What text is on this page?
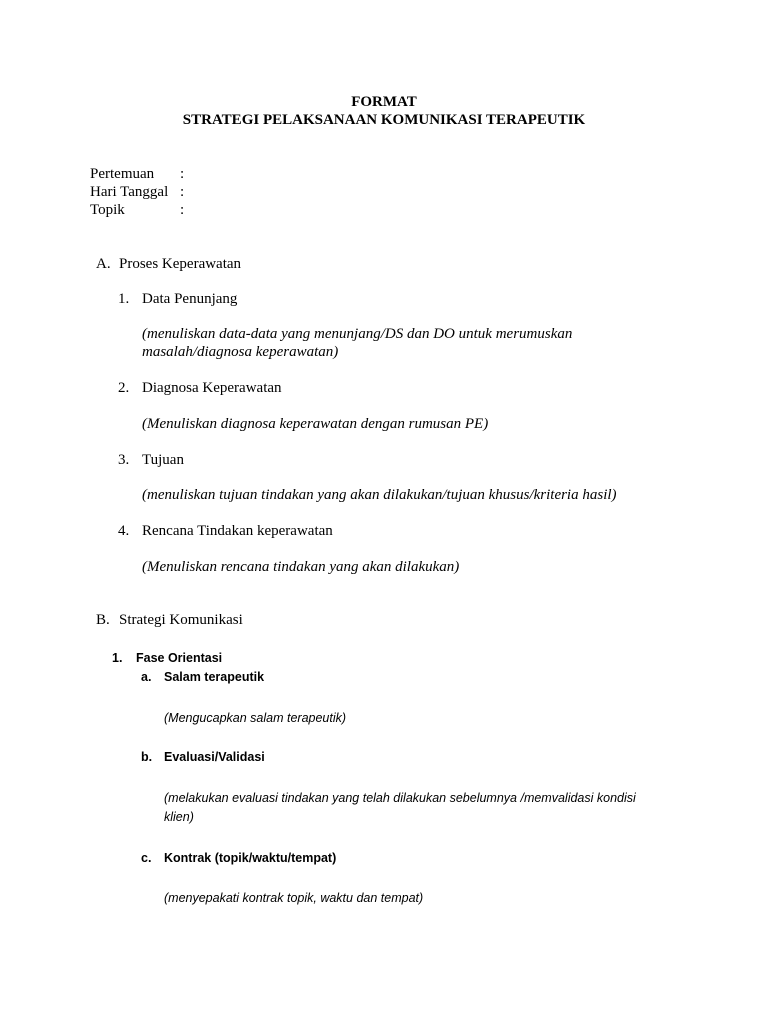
FORMAT
STRATEGI PELAKSANAAN KOMUNIKASI TERAPEUTIK
Pertemuan :
Hari Tanggal :
Topik	:
A. Proses Keperawatan
1. Data Penunjang
(menuliskan data-data yang menunjang/DS dan DO untuk merumuskan
masalah/diagnosa keperawatan)
2. Diagnosa Keperawatan
(Menuliskan diagnosa keperawatan dengan rumusan PE)
3. Tujuan
(menuliskan tujuan tindakan yang akan dilakukan/tujuan khusus/kriteria hasil)
4. Rencana Tindakan keperawatan
(Menuliskan rencana tindakan yang akan dilakukan)
B. Strategi Komunikasi
1. Fase Orientasi
a. Salam terapeutik
(Mengucapkan salam terapeutik)
b. Evaluasi/Validasi
(melakukan evaluasi tindakan yang telah dilakukan sebelumnya /memvalidasi kondisi
klien)
c. Kontrak (topik/waktu/tempat)
(menyepakati kontrak topik, waktu dan tempat)
